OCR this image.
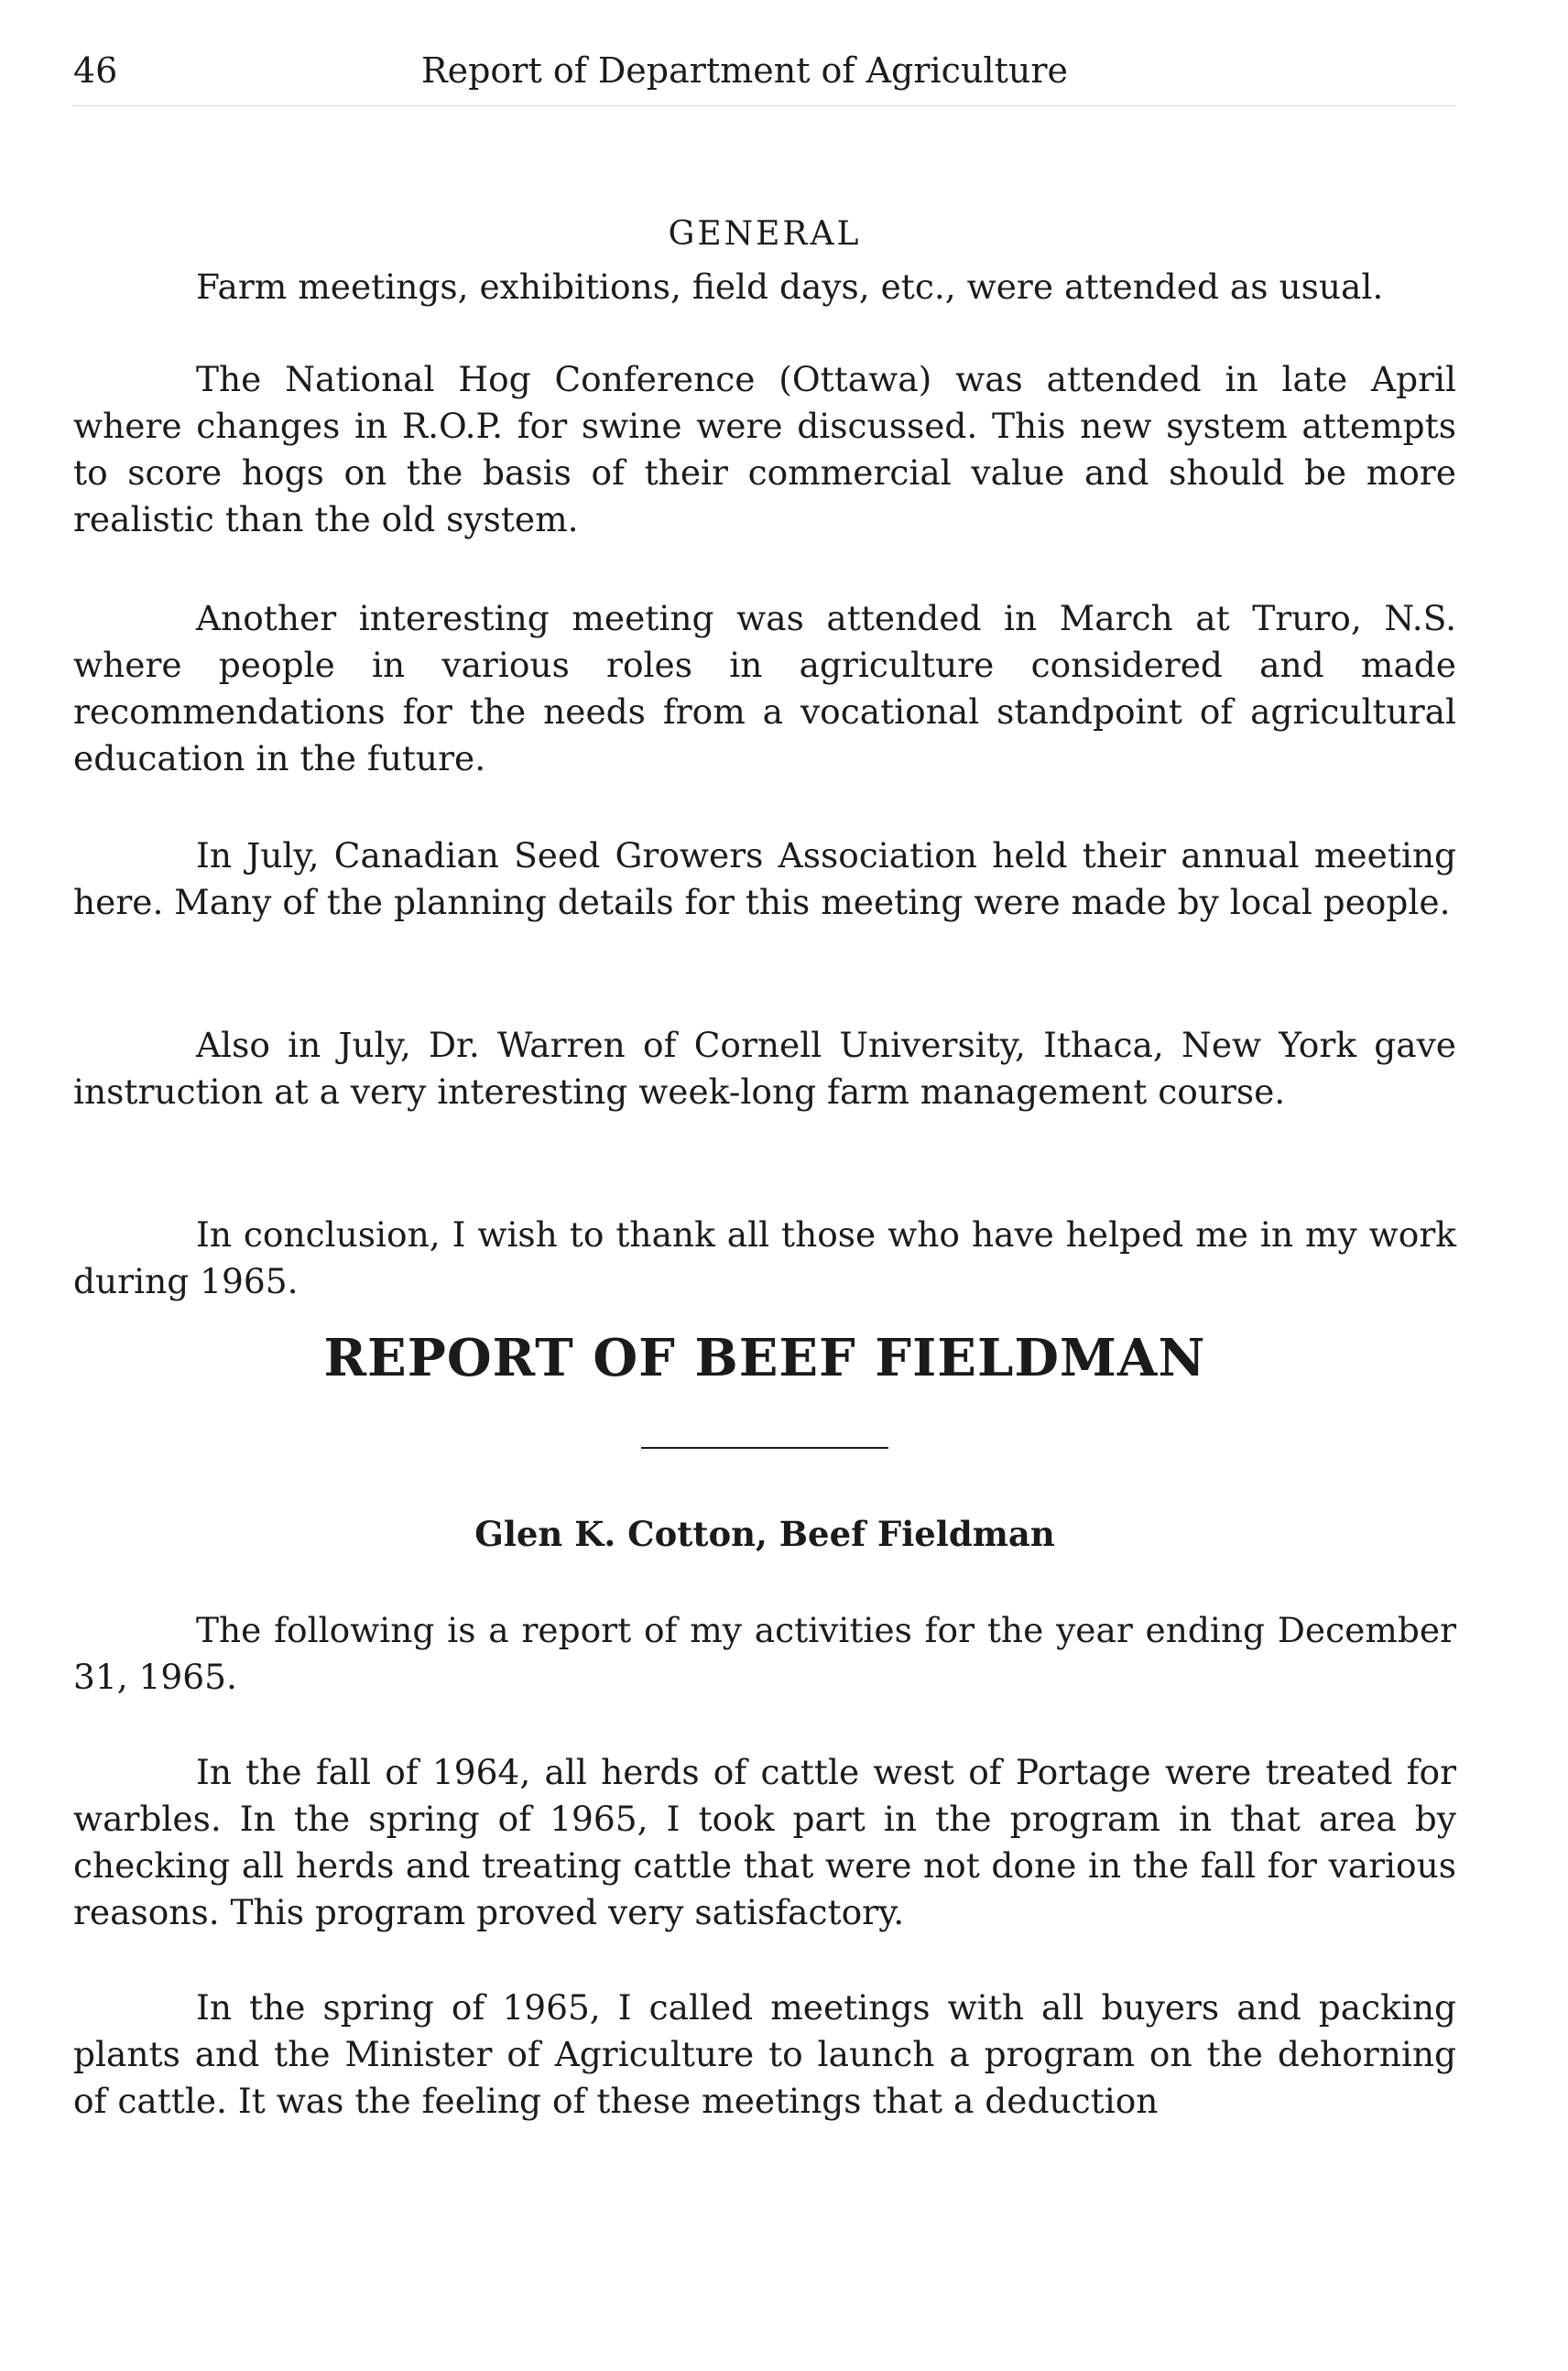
46	Report of Department of Agriculture
GENERAL

Farm meetings, exhibitions, field days, etc., were attended as usual.

The National Hog Conference (Ottawa) was attended in late April where changes in R.O.P. for swine were discussed. This new system attempts to score hogs on the basis of their commercial value and should be more realistic than the old system.

Another interesting meeting was attended in March at Truro, N.S. where people in various roles in agriculture considered and made recommendations for the needs from a vocational standpoint of agricultural education in the future.

In July, Canadian Seed Growers Association held their annual meeting here. Many of the planning details for this meeting were made by local people.

Also in July, Dr. Warren of Cornell University, Ithaca, New York gave instruction at a very interesting week-long farm management course.

In conclusion, I wish to thank all those who have helped me in my work during 1965.

REPORT OF BEEF FIELDMAN
Glen K. Cotton, Beef Fieldman

The following is a report of my activities for the year ending December 31, 1965.

In the fall of 1964, all herds of cattle west of Portage were treated for warbles. In the spring of 1965, I took part in the program in that area by checking all herds and treating cattle that were not done in the fall for various reasons. This program proved very satisfactory.

In the spring of 1965, I called meetings with all buyers and packing plants and the Minister of Agriculture to launch a program on the dehorning of cattle. It was the feeling of these meetings that a deduction
